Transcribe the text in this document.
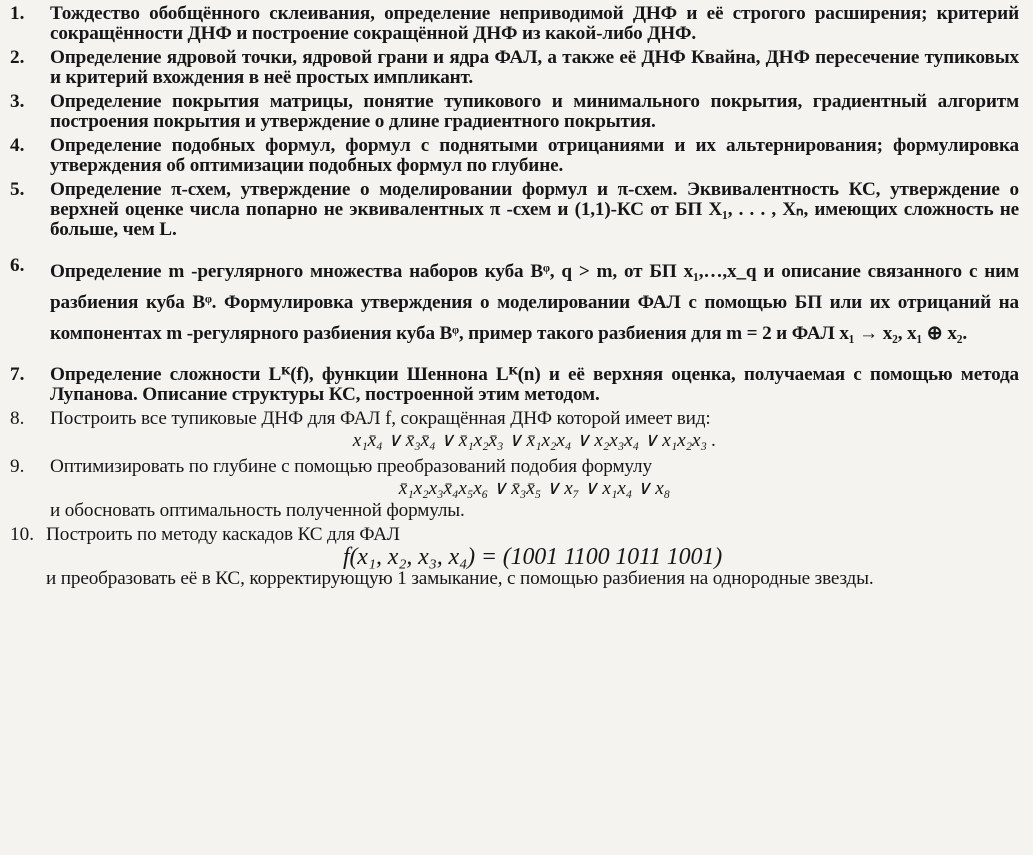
1.	Тождество обобщённого склеивания, определение неприводимой ДНФ и её строгого расширения; критерий сокращённости ДНФ и построение сокращённой ДНФ из какой-либо ДНФ.
2.	Определение ядровой точки, ядровой грани и ядра ФАЛ, а также её ДНФ Квайна, ДНФ пересечение тупиковых и критерий вхождения в неё простых импликант.
3.	Определение покрытия матрицы, понятие тупикового и минимального покрытия, градиентный алгоритм построения покрытия и утверждение о длине градиентного покрытия.
4.	Определение подобных формул, формул с поднятыми отрицаниями и их альтернирования; формулировка утверждения об оптимизации подобных формул по глубине.
5.	Определение π-схем, утверждение о моделировании формул и π-схем. Эквивалентность КС, утверждение о верхней оценке числа попарно не эквивалентных π -схем и (1,1)-КС от БП X₁, . . . , Xₙ, имеющих сложность не больше, чем L.
6.	Определение m -регулярного множества наборов куба Bᵠ, q > m, от БП x₁,…,x_q и описание связанного с ним разбиения куба Bᵠ. Формулировка утверждения о моделировании ФАЛ с помощью БП или их отрицаний на компонентах m -регулярного разбиения куба Bᵠ, пример такого разбиения для m = 2 и ФАЛ x₁ → x₂, x₁ ⊕ x₂.
7.	Определение сложности Lᴷ(f), функции Шеннона Lᴷ(n) и её верхняя оценка, получаемая с помощью метода Лупанова. Описание структуры КС, построенной этим методом.
8.	Построить все тупиковые ДНФ для ФАЛ f, сокращённая ДНФ которой имеет вид:
x₁x̄₄ ∨ x̄₃x̄₄ ∨ x̄₁x₂x̄₃ ∨ x̄₁x₂x₄ ∨ x₂x₃x₄ ∨ x₁x₂x₃ .
9.	Оптимизировать по глубине с помощью преобразований подобия формулу
x̄₁x₂x₃x̄₄x₅x₆ ∨ x̄₃x̄₅ ∨ x₇ ∨ x₁x₄ ∨ x₈
и обосновать оптимальность полученной формулы.
10. Построить по методу каскадов КС для ФАЛ
f(x₁, x₂, x₃, x₄) = (1001 1100 1011 1001)
и преобразовать её в КС, корректирующую 1 замыкание, с помощью разбиения на однородные звезды.
